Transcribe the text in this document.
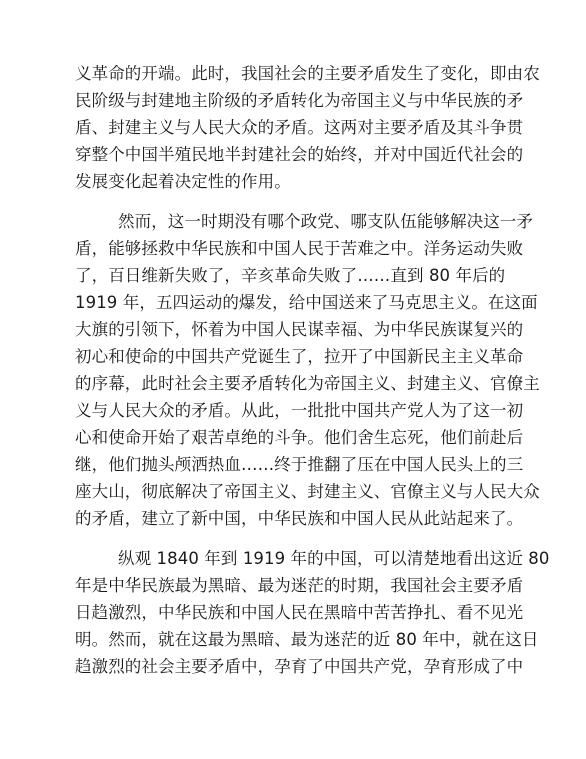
义革命的开端。此时，我国社会的主要矛盾发生了变化，即由农
民阶级与封建地主阶级的矛盾转化为帝国主义与中华民族的矛
盾、封建主义与人民大众的矛盾。这两对主要矛盾及其斗争贯
穿整个中国半殖民地半封建社会的始终，并对中国近代社会的
发展变化起着决定性的作用。
然而，这一时期没有哪个政党、哪支队伍能够解决这一矛
盾，能够拯救中华民族和中国人民于苦难之中。洋务运动失败
了，百日维新失败了，辛亥革命失败了……直到 80 年后的
1919 年，五四运动的爆发，给中国送来了马克思主义。在这面
大旗的引领下，怀着为中国人民谋幸福、为中华民族谋复兴的
初心和使命的中国共产党诞生了，拉开了中国新民主主义革命
的序幕，此时社会主要矛盾转化为帝国主义、封建主义、官僚主
义与人民大众的矛盾。从此，一批批中国共产党人为了这一初
心和使命开始了艰苦卓绝的斗争。他们舍生忘死，他们前赴后
继，他们抛头颅洒热血……终于推翻了压在中国人民头上的三
座大山，彻底解决了帝国主义、封建主义、官僚主义与人民大众
的矛盾，建立了新中国，中华民族和中国人民从此站起来了。
纵观 1840 年到 1919 年的中国，可以清楚地看出这近 80
年是中华民族最为黑暗、最为迷茫的时期，我国社会主要矛盾
日趋激烈，中华民族和中国人民在黑暗中苦苦挣扎、看不见光
明。然而，就在这最为黑暗、最为迷茫的近 80 年中，就在这日
趋激烈的社会主要矛盾中，孕育了中国共产党，孕育形成了中
